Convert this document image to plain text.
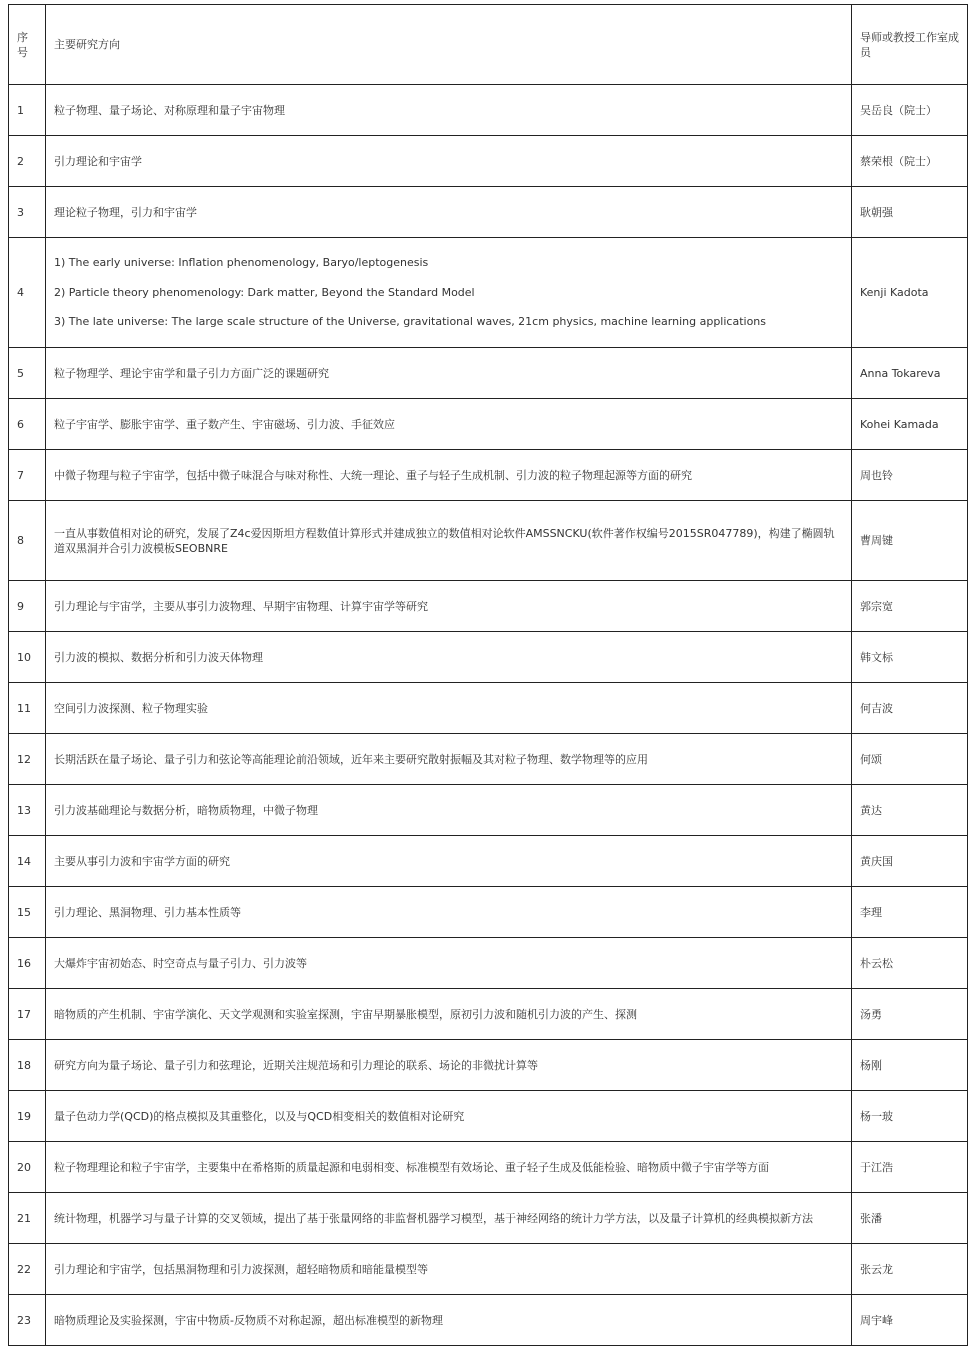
序号	主要研究方向	导师或教授工作室成员
1	粒子物理、量子场论、对称原理和量子宇宙物理	吴岳良（院士）
2	引力理论和宇宙学	蔡荣根（院士）
3	理论粒子物理，引力和宇宙学	耿朝强
4	1) The early universe: Inflation phenomenology, Baryo/leptogenesis
2) Particle theory phenomenology: Dark matter, Beyond the Standard Model
3) The late universe: The large scale structure of the Universe, gravitational waves, 21cm physics, machine learning applications	Kenji Kadota
5	粒子物理学、理论宇宙学和量子引力方面广泛的课题研究	Anna Tokareva
6	粒子宇宙学、膨胀宇宙学、重子数产生、宇宙磁场、引力波、手征效应	Kohei Kamada
7	中微子物理与粒子宇宙学，包括中微子味混合与味对称性、大统一理论、重子与轻子生成机制、引力波的粒子物理起源等方面的研究	周也铃
8	一直从事数值相对论的研究，发展了Z4c爱因斯坦方程数值计算形式并建成独立的数值相对论软件AMSSNCKU(软件著作权编号2015SR047789)，构建了椭圆轨道双黑洞并合引力波模板SEOBNRE	曹周键
9	引力理论与宇宙学，主要从事引力波物理、早期宇宙物理、计算宇宙学等研究	郭宗宽
10	引力波的模拟、数据分析和引力波天体物理	韩文标
11	空间引力波探测、粒子物理实验	何吉波
12	长期活跃在量子场论、量子引力和弦论等高能理论前沿领域，近年来主要研究散射振幅及其对粒子物理、数学物理等的应用	何颂
13	引力波基础理论与数据分析，暗物质物理，中微子物理	黄达
14	主要从事引力波和宇宙学方面的研究	黄庆国
15	引力理论、黑洞物理、引力基本性质等	李理
16	大爆炸宇宙初始态、时空奇点与量子引力、引力波等	朴云松
17	暗物质的产生机制、宇宙学演化、天文学观测和实验室探测，宇宙早期暴胀模型，原初引力波和随机引力波的产生、探测	汤勇
18	研究方向为量子场论、量子引力和弦理论，近期关注规范场和引力理论的联系、场论的非微扰计算等	杨刚
19	量子色动力学(QCD)的格点模拟及其重整化，以及与QCD相变相关的数值相对论研究	杨一玻
20	粒子物理理论和粒子宇宙学，主要集中在希格斯的质量起源和电弱相变、标准模型有效场论、重子轻子生成及低能检验、暗物质中微子宇宙学等方面	于江浩
21	统计物理，机器学习与量子计算的交叉领域，提出了基于张量网络的非监督机器学习模型，基于神经网络的统计力学方法，以及量子计算机的经典模拟新方法	张潘
22	引力理论和宇宙学，包括黑洞物理和引力波探测，超轻暗物质和暗能量模型等	张云龙
23	暗物质理论及实验探测，宇宙中物质-反物质不对称起源，超出标准模型的新物理	周宇峰
